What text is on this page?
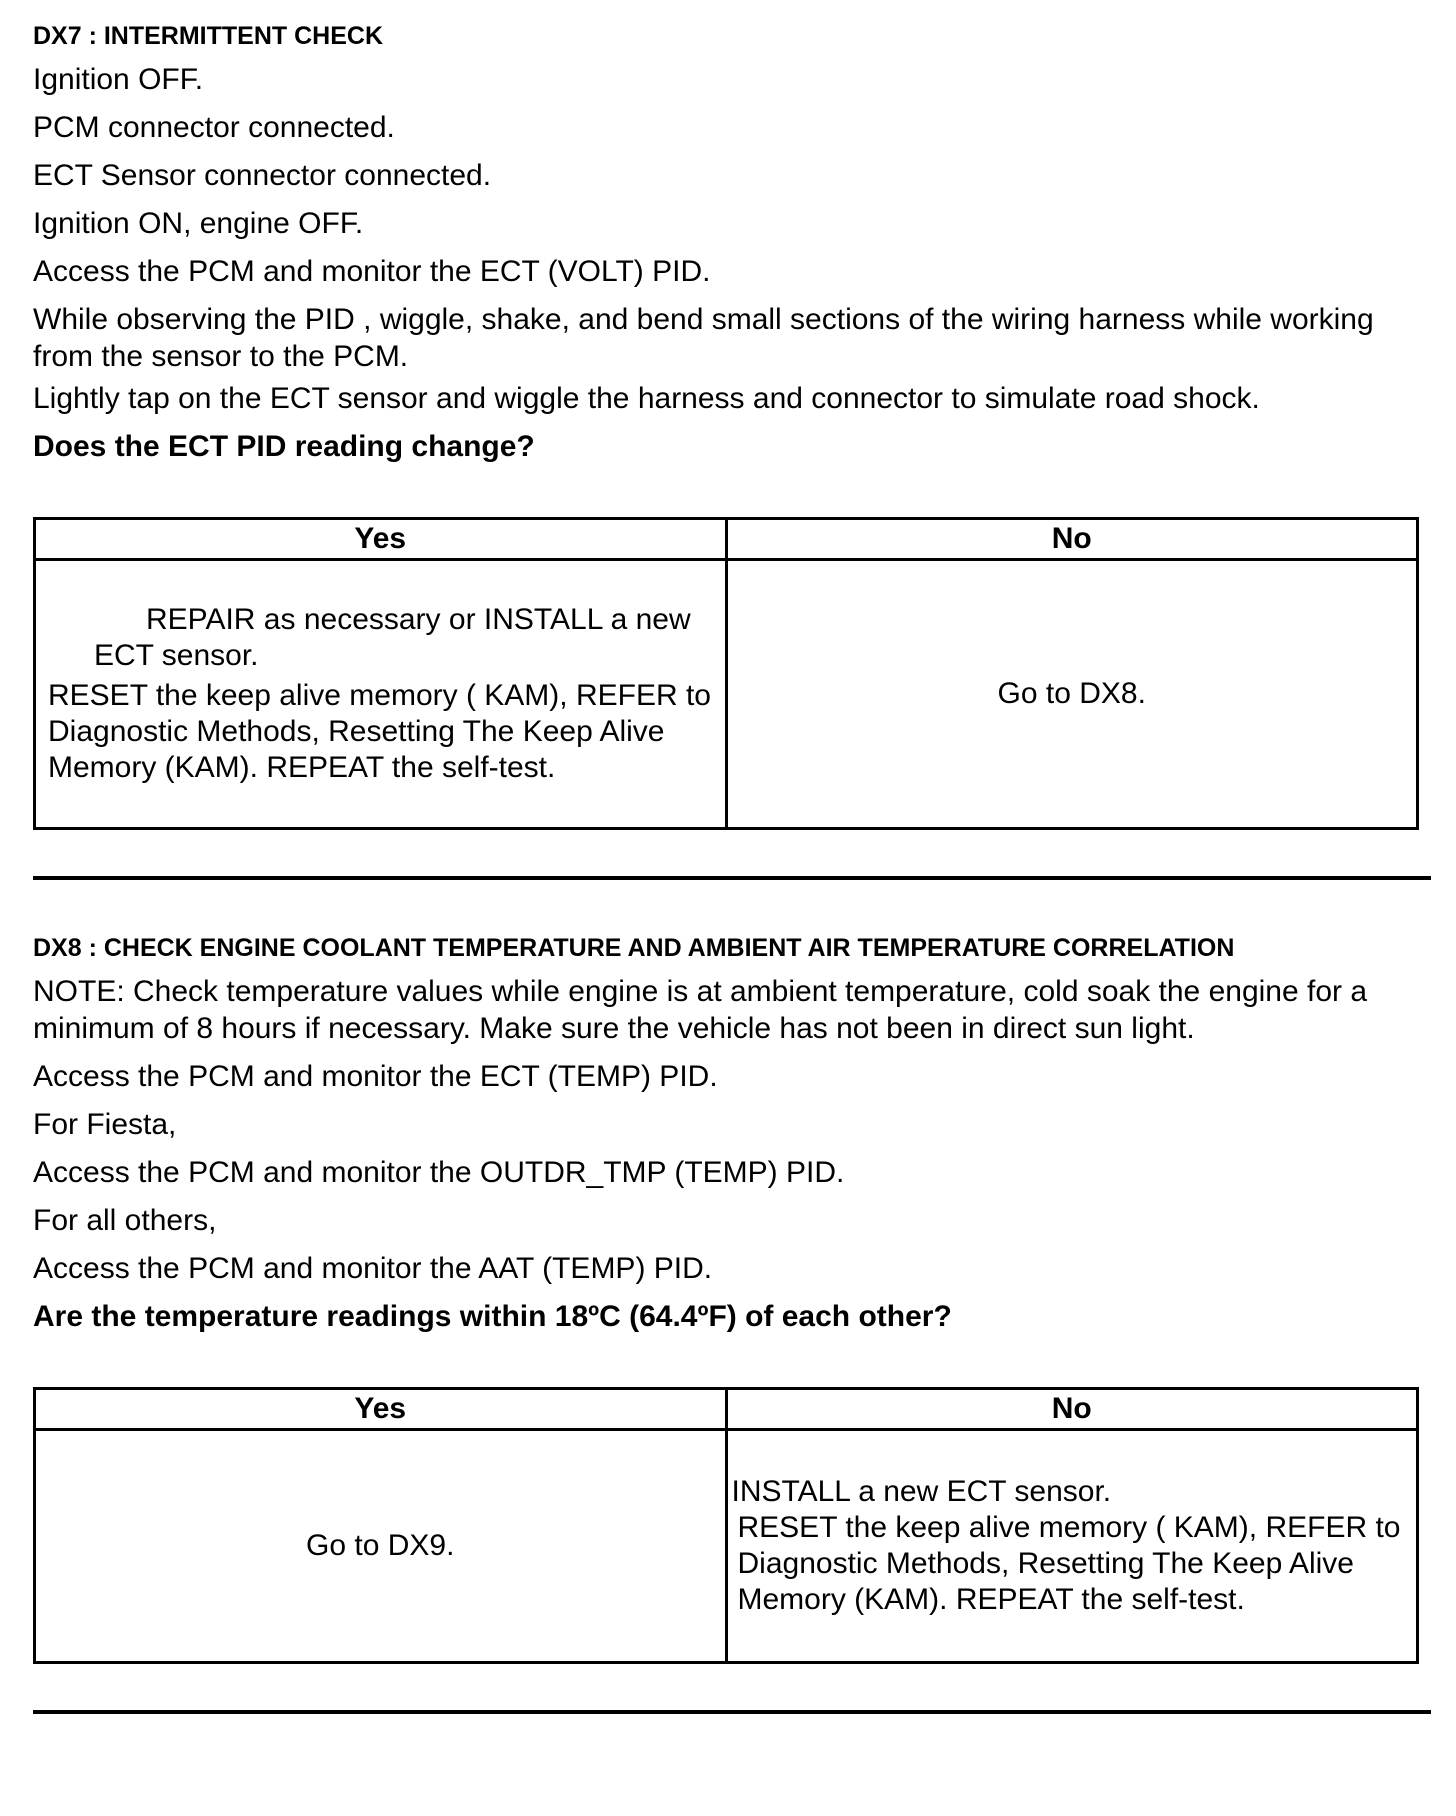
DX7 : INTERMITTENT CHECK

Ignition OFF.

PCM connector connected.

ECT Sensor connector connected.

Ignition ON, engine OFF.

Access the PCM and monitor the ECT (VOLT) PID.

While observing the PID , wiggle, shake, and bend small sections of the wiring harness while working from the sensor to the PCM.

Lightly tap on the ECT sensor and wiggle the harness and connector to simulate road shock.

Does the ECT PID reading change?

Yes	No

REPAIR as necessary or INSTALL a new ECT sensor.

RESET the keep alive memory ( KAM), REFER to Diagnostic Methods, Resetting The Keep Alive Memory (KAM). REPEAT the self-test.	Go to DX8.
DX8 : CHECK ENGINE COOLANT TEMPERATURE AND AMBIENT AIR TEMPERATURE CORRELATION

NOTE: Check temperature values while engine is at ambient temperature, cold soak the engine for a minimum of 8 hours if necessary. Make sure the vehicle has not been in direct sun light.

Access the PCM and monitor the ECT (TEMP) PID.

For Fiesta,

Access the PCM and monitor the OUTDR_TMP (TEMP) PID.

For all others,

Access the PCM and monitor the AAT (TEMP) PID.

Are the temperature readings within 18ºC (64.4ºF) of each other?

Yes	No

Go to DX9.	INSTALL a new ECT sensor.

RESET the keep alive memory ( KAM), REFER to Diagnostic Methods, Resetting The Keep Alive Memory (KAM). REPEAT the self-test.
